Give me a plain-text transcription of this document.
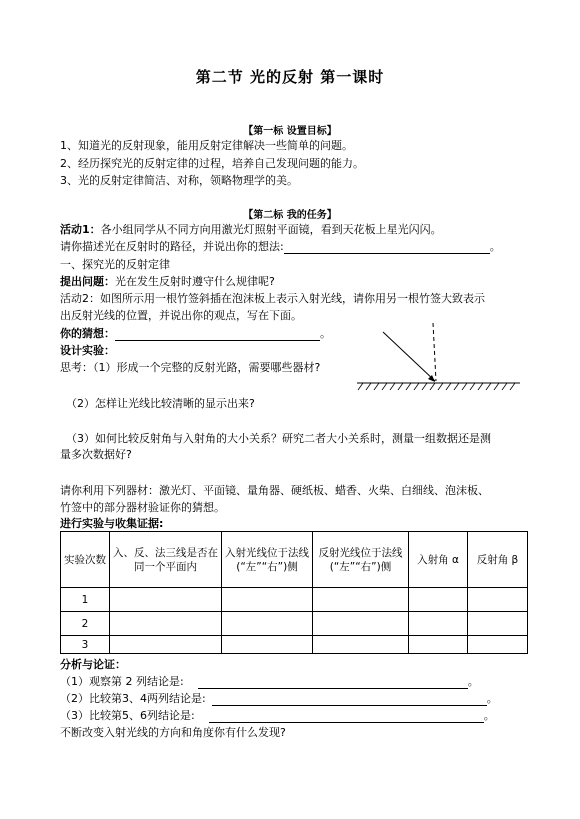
第二节 光的反射 第一课时
【第一标 设置目标】
1、知道光的反射现象，能用反射定律解决一些简单的问题。
2、经历探究光的反射定律的过程，培养自己发现问题的能力。
3、光的反射定律简洁、对称，领略物理学的美。
【第二标 我的任务】
活动1：各小组同学从不同方向用激光灯照射平面镜，看到天花板上星光闪闪。
请你描述光在反射时的路径，并说出你的想法:	。
一、探究光的反射定律
提出问题：光在发生反射时遵守什么规律呢?
活动2：如图所示用一根竹签斜插在泡沫板上表示入射光线，请你用另一根竹签大致表示
出反射光线的位置，并说出你的观点，写在下面。
你的猜想：	。
设计实验：
思考：（1）形成一个完整的反射光路，需要哪些器材?
（2）怎样让光线比较清晰的显示出来?
（3）如何比较反射角与入射角的大小关系？研究二者大小关系时，测量一组数据还是测
量多次数据好?
请你利用下列器材：激光灯、平面镜、量角器、硬纸板、蜡香、火柴、白细线、泡沫板、
竹签中的部分器材验证你的猜想。
进行实验与收集证据:
实验次数	入、反、法三线是否在同一个平面内	入射光线位于法线(“左”“右”)侧	反射光线位于法线(“左”“右”)侧	入射角 α	反射角 β
1					
2					
3					
分析与论证：
（1）观察第 2 列结论是:	。
（2）比较第3、4两列结论是:	。
（3）比较第5、6列结论是:	。
不断改变入射光线的方向和角度你有什么发现?
